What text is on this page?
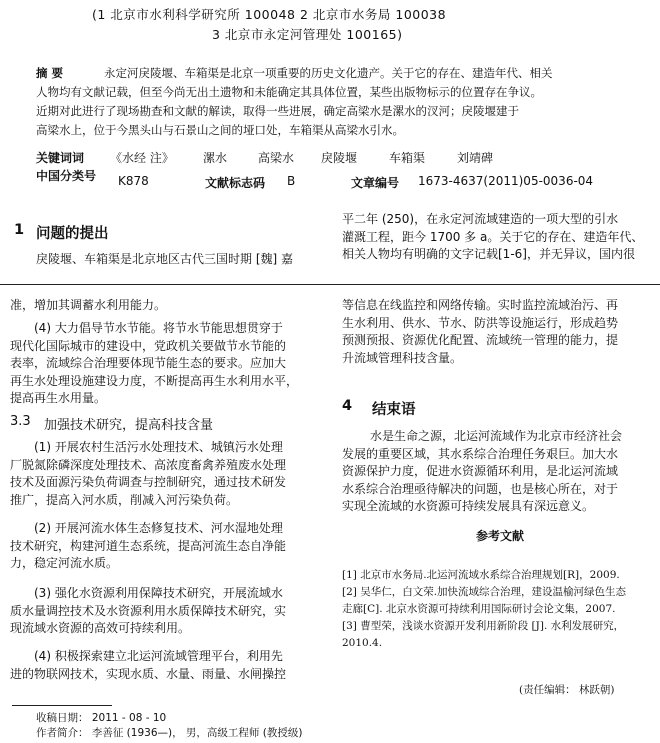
(1 北京市水利科学研究所 100048 2 北京市水务局 100038
3 北京市永定河管理处 100165)
摘 要	永定河戾陵堰、车箱渠是北京一项重要的历史文化遗产。关于它的存在、建造年代、相关
人物均有文献记载，但至今尚无出土遗物和未能确定其具体位置，某些出版物标示的位置存在争议。
近期对此进行了现场勘查和文献的解读，取得一些进展，确定高梁水是漯水的汊河；戾陵堰建于
高梁水上，位于今黑头山与石景山之间的垭口处，车箱渠从高梁水引水。
关键词词 《水经 注》 漯水	高梁水 戾陵堰	车箱渠	刘靖碑
中国分类号 K878	文献标志码 B	文章编号 1673-4637(2011)05-0036-04
1 问题的提出
戾陵堰、车箱渠是北京地区古代三国时期 [魏] 嘉
平二年 (250)，在永定河流域建造的一项大型的引水
灌溉工程，距今 1700 多 a。关于它的存在、建造年代、
相关人物均有明确的文字记载[1-6]，并无异议，国内很
准，增加其调蓄水利用能力。
(4) 大力倡导节水节能。将节水节能思想贯穿于
现代化国际城市的建设中，党政机关要做节水节能的
表率，流域综合治理要体现节能生态的要求。应加大
再生水处理设施建设力度，不断提高再生水利用水平，
提高再生水用量。
3.3 加强技术研究，提高科技含量
(1) 开展农村生活污水处理技术、城镇污水处理
厂脱氮除磷深度处理技术、高浓度畜禽养殖废水处理
技术及面源污染负荷调查与控制研究，通过技术研发
推广，提高入河水质，削减入河污染负荷。
(2) 开展河流水体生态修复技术、河水湿地处理
技术研究，构建河道生态系统，提高河流生态自净能
力，稳定河流水质。
(3) 强化水资源利用保障技术研究，开展流域水
质水量调控技术及水资源利用水质保障技术研究，实
现流域水资源的高效可持续利用。
(4) 积极探索建立北运河流域管理平台，利用先
进的物联网技术，实现水质、水量、雨量、水闸操控
等信息在线监控和网络传输。实时监控流域治污、再
生水利用、供水、节水、防洪等设施运行，形成趋势
预测预报、资源优化配置、流域统一管理的能力，提
升流域管理科技含量。
4 结束语
水是生命之源，北运河流域作为北京市经济社会
发展的重要区域，其水系综合治理任务艰巨。加大水
资源保护力度，促进水资源循环利用，是北运河流域
水系综合治理亟待解决的问题，也是核心所在，对于
实现全流域的水资源可持续发展具有深远意义。
参考文献
[1] 北京市水务局.北运河流域水系综合治理规划[R]，2009.
[2] 吴华仁，白文荣.加快流域综合治理，建设温榆河绿色生态
走廊[C]. 北京水资源可持续利用国际研讨会论文集，2007.
[3] 曹型荣，浅谈水资源开发利用新阶段 [J]. 水利发展研究，
2010.4.
(责任编辑： 林跃朝)
收稿日期： 2011 - 08 - 10
作者简介： 李善征 (1936—)， 男，高级工程师 (教授级)
